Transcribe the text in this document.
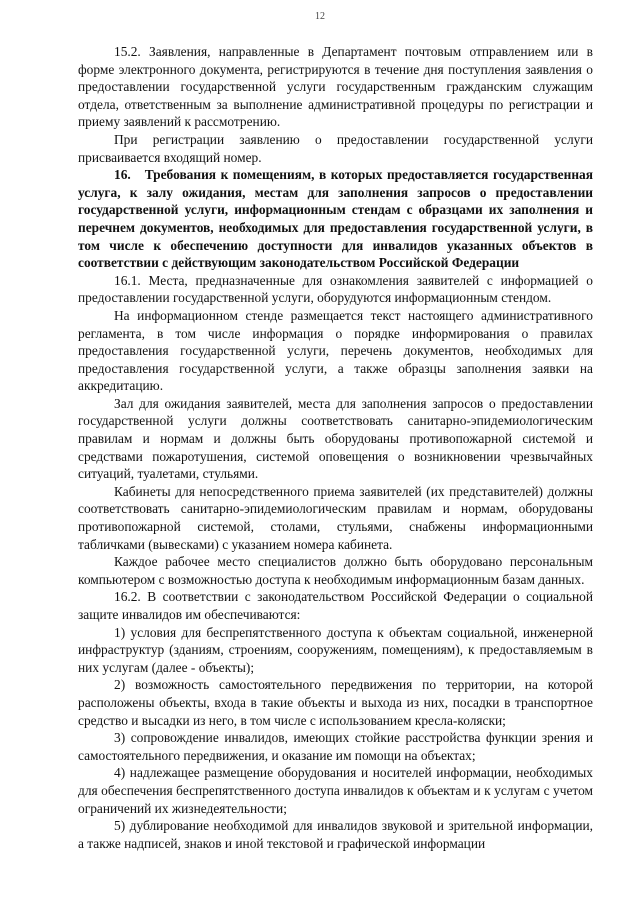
12

15.2. Заявления, направленные в Департамент почтовым отправлением или в форме электронного документа, регистрируются в течение дня поступления заявления о предоставлении государственной услуги государственным гражданским служащим отдела, ответственным за выполнение административной процедуры по регистрации и приему заявлений к рассмотрению.

При регистрации заявлению о предоставлении государственной услуги присваивается входящий номер.

16. Требования к помещениям, в которых предоставляется государственная услуга, к залу ожидания, местам для заполнения запросов о предоставлении государственной услуги, информационным стендам с образцами их заполнения и перечнем документов, необходимых для предоставления государственной услуги, в том числе к обеспечению доступности для инвалидов указанных объектов в соответствии с действующим законодательством Российской Федерации

16.1. Места, предназначенные для ознакомления заявителей с информацией о предоставлении государственной услуги, оборудуются информационным стендом.

На информационном стенде размещается текст настоящего административного регламента, в том числе информация о порядке информирования о правилах предоставления государственной услуги, перечень документов, необходимых для предоставления государственной услуги, а также образцы заполнения заявки на аккредитацию.

Зал для ожидания заявителей, места для заполнения запросов о предоставлении государственной услуги должны соответствовать санитарно-эпидемиологическим правилам и нормам и должны быть оборудованы противопожарной системой и средствами пожаротушения, системой оповещения о возникновении чрезвычайных ситуаций, туалетами, стульями.

Кабинеты для непосредственного приема заявителей (их представителей) должны соответствовать санитарно-эпидемиологическим правилам и нормам, оборудованы противопожарной системой, столами, стульями, снабжены информационными табличками (вывесками) с указанием номера кабинета.

Каждое рабочее место специалистов должно быть оборудовано персональным компьютером с возможностью доступа к необходимым информационным базам данных.

16.2. В соответствии с законодательством Российской Федерации о социальной защите инвалидов им обеспечиваются:

1) условия для беспрепятственного доступа к объектам социальной, инженерной инфраструктур (зданиям, строениям, сооружениям, помещениям), к предоставляемым в них услугам (далее - объекты);

2) возможность самостоятельного передвижения по территории, на которой расположены объекты, входа в такие объекты и выхода из них, посадки в транспортное средство и высадки из него, в том числе с использованием кресла-коляски;

3) сопровождение инвалидов, имеющих стойкие расстройства функции зрения и самостоятельного передвижения, и оказание им помощи на объектах;

4) надлежащее размещение оборудования и носителей информации, необходимых для обеспечения беспрепятственного доступа инвалидов к объектам и к услугам с учетом ограничений их жизнедеятельности;

5) дублирование необходимой для инвалидов звуковой и зрительной информации, а также надписей, знаков и иной текстовой и графической информации
